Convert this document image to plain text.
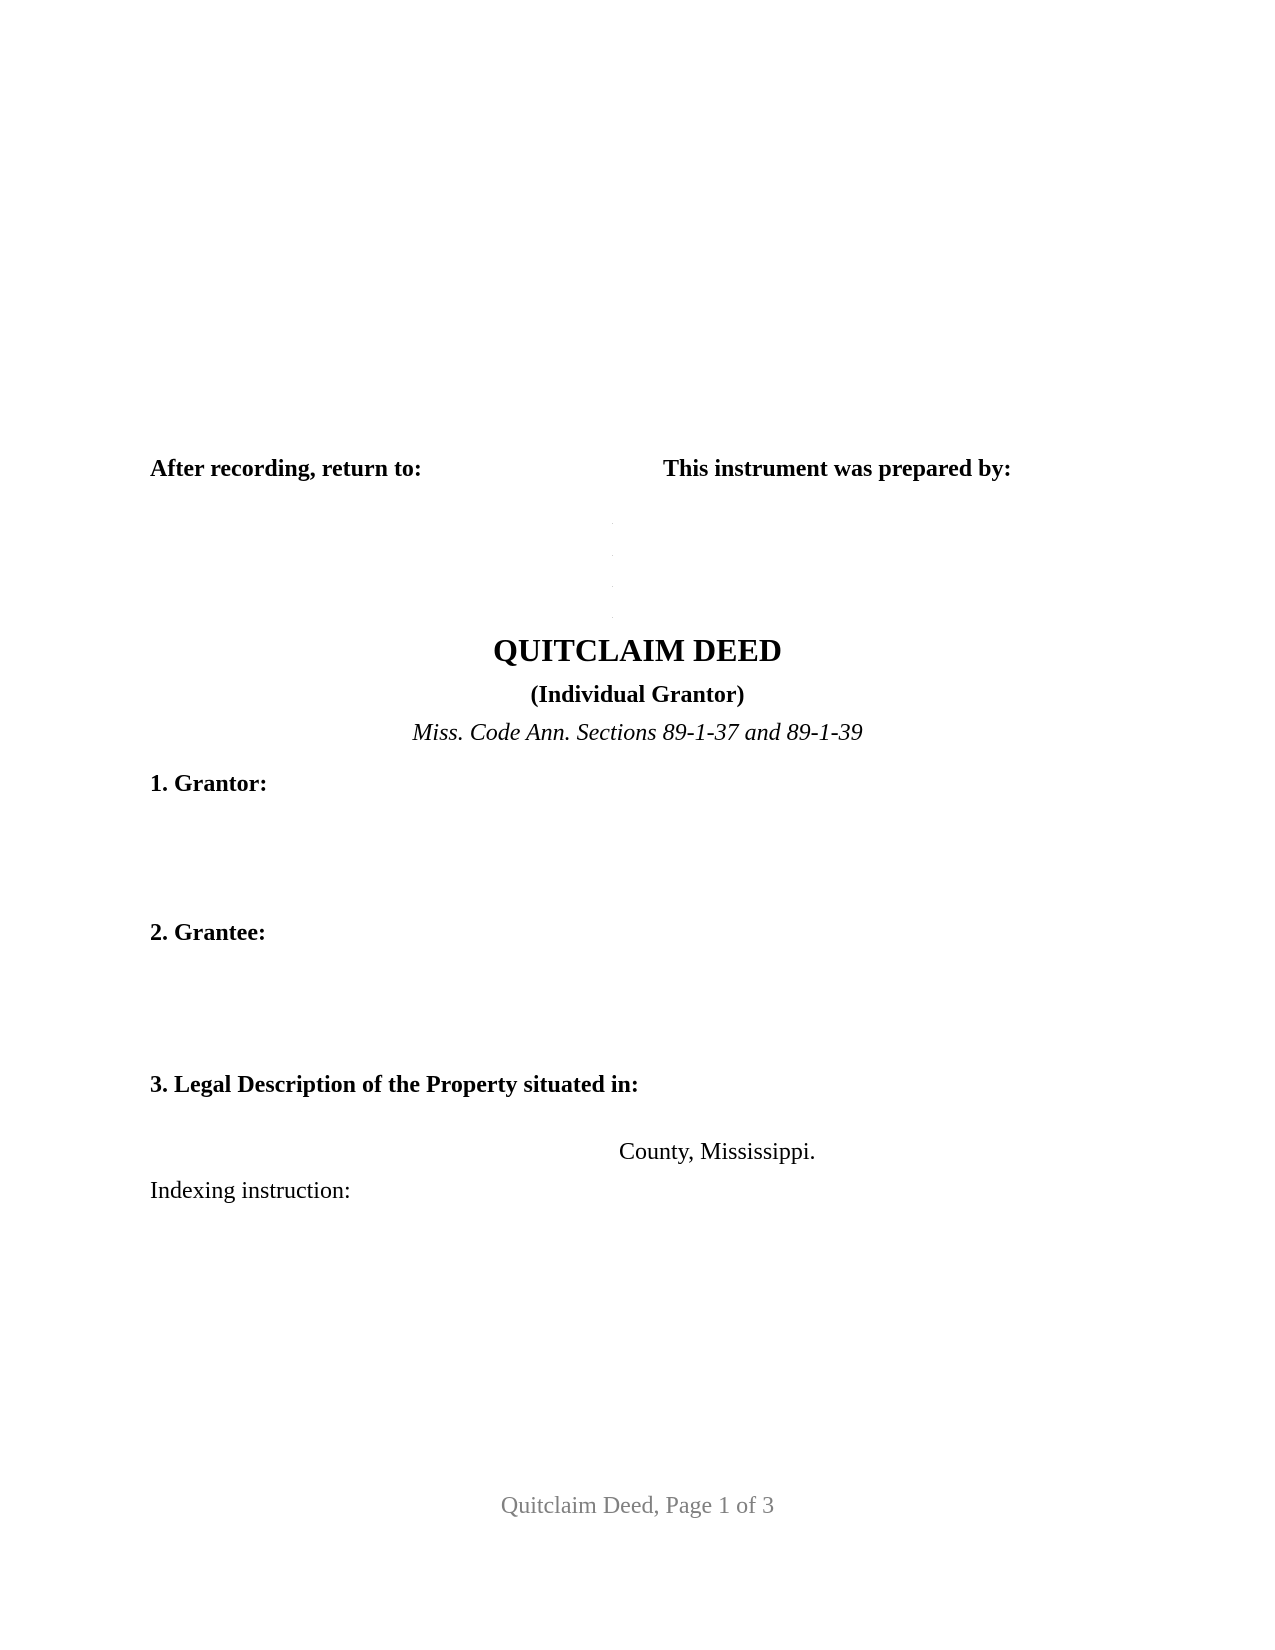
After recording, return to:	This instrument was prepared by:

QUITCLAIM DEED

(Individual Grantor)

Miss. Code Ann. Sections 89-1-37 and 89-1-39

1. Grantor:

2. Grantee:

3. Legal Description of the Property situated in:

County, Mississippi.

Indexing instruction:

Quitclaim Deed, Page 1 of 3
